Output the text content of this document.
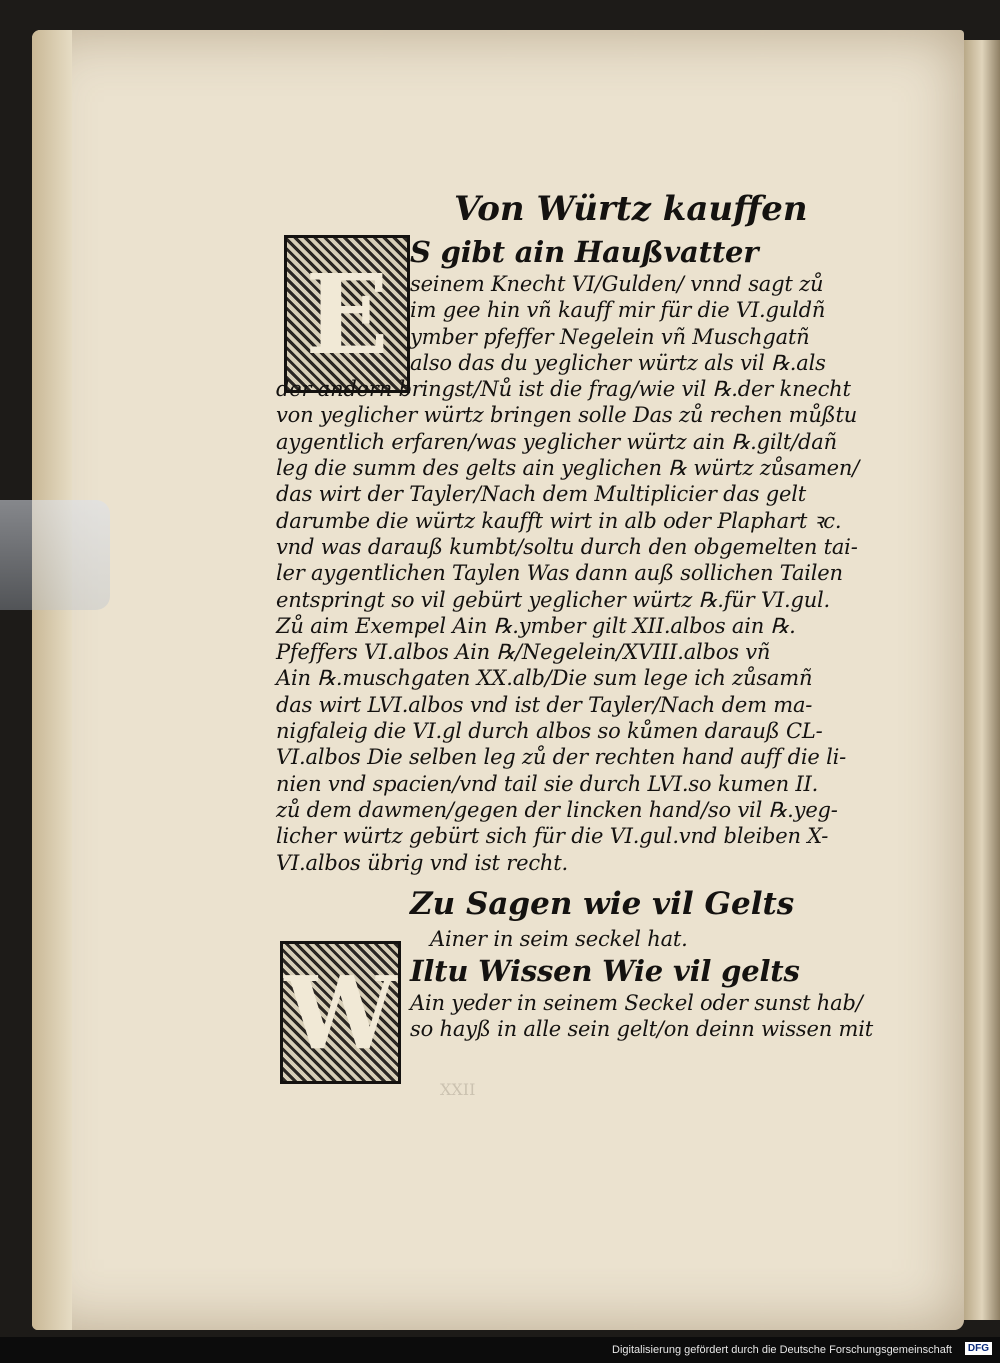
XXII
E
W
Von Würtz kauffen
S gibt ain Haußvatter
seinem Knecht VI/Gulden/ vnnd sagt zů
im gee hin vñ kauff mir für die VI.guldñ
ymber pfeffer Negelein vñ Muschgatñ
also das du yeglicher würtz als vil ℞.als
der andern bringst/Nů ist die frag/wie vil ℞.der knecht
von yeglicher würtz bringen solle Das zů rechen můßtu
aygentlich erfaren/was yeglicher würtz ain ℞.gilt/dañ
leg die summ des gelts ain yeglichen ℞ würtz zůsamen/
das wirt der Tayler/Nach dem Multiplicier das gelt
darumbe die würtz kaufft wirt in alb oder Plaphart ꝛc.
vnd was darauß kumbt/soltu durch den obgemelten tai-
ler aygentlichen Taylen Was dann auß sollichen Tailen
entspringt so vil gebürt yeglicher würtz ℞.für VI.gul.
Zů aim Exempel Ain ℞.ymber gilt XII.albos ain ℞.
Pfeffers VI.albos Ain ℞/Negelein/XVIII.albos vñ
Ain ℞.muschgaten XX.alb/Die sum lege ich zůsamñ
das wirt LVI.albos vnd ist der Tayler/Nach dem ma-
nigfaleig die VI.gl durch albos so kůmen darauß CL-
VI.albos Die selben leg zů der rechten hand auff die li-
nien vnd spacien/vnd tail sie durch LVI.so kumen II.
zů dem dawmen/gegen der lincken hand/so vil ℞.yeg-
licher würtz gebürt sich für die VI.gul.vnd bleiben X-
VI.albos übrig vnd ist recht.
Zu Sagen wie vil Gelts
Ainer in seim seckel hat.
Iltu Wissen Wie vil gelts
Ain yeder in seinem Seckel oder sunst hab/
so hayß in alle sein gelt/on deinn wissen mit
Digitalisierung gefördert durch die Deutsche Forschungsgemeinschaft	DFG
